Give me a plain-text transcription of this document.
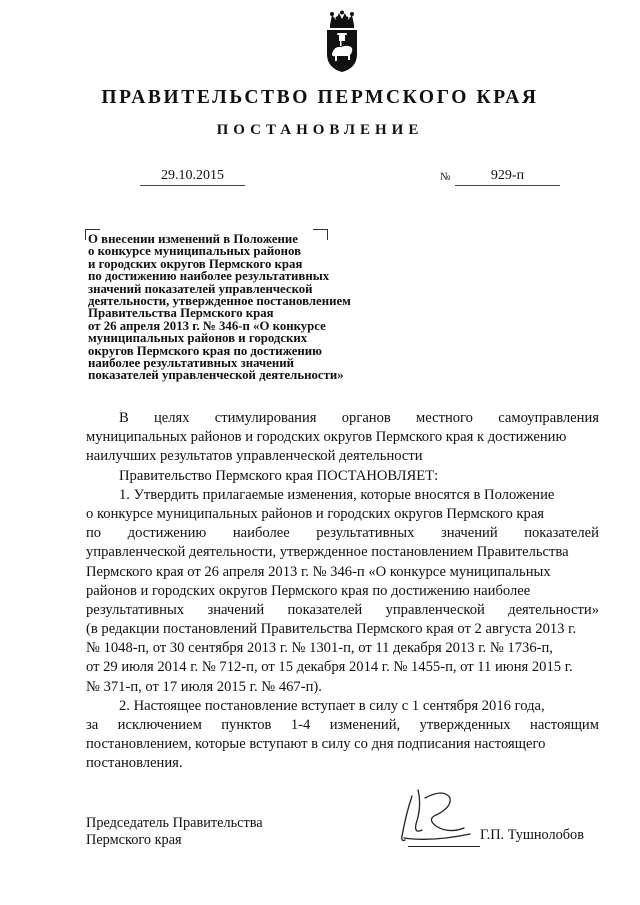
ПРАВИТЕЛЬСТВО ПЕРМСКОГО КРАЯ
ПОСТАНОВЛЕНИЕ
29.10.2015	№	929-п
О внесении изменений в Положение
о конкурсе муниципальных районов
и городских округов Пермского края
по достижению наиболее результативных
значений показателей управленческой
деятельности, утвержденное постановлением
Правительства Пермского края
от 26 апреля 2013 г. № 346-п «О конкурсе
муниципальных районов и городских
округов Пермского края по достижению
наиболее результативных значений
показателей управленческой деятельности»
В целях стимулирования органов местного самоуправления
муниципальных районов и городских округов Пермского края к достижению
наилучших результатов управленческой деятельности
Правительство Пермского края ПОСТАНОВЛЯЕТ:
1. Утвердить прилагаемые изменения, которые вносятся в Положение
о конкурсе муниципальных районов и городских округов Пермского края
по достижению наиболее результативных значений показателей
управленческой деятельности, утвержденное постановлением Правительства
Пермского края от 26 апреля 2013 г. № 346-п «О конкурсе муниципальных
районов и городских округов Пермского края по достижению наиболее
результативных значений показателей управленческой деятельности»
(в редакции постановлений Правительства Пермского края от 2 августа 2013 г.
№ 1048-п, от 30 сентября 2013 г. № 1301-п, от 11 декабря 2013 г. № 1736-п,
от 29 июля 2014 г. № 712-п, от 15 декабря 2014 г. № 1455-п, от 11 июня 2015 г.
№ 371-п, от 17 июля 2015 г. № 467-п).
2. Настоящее постановление вступает в силу с 1 сентября 2016 года,
за исключением пунктов 1-4 изменений, утвержденных настоящим
постановлением, которые вступают в силу со дня подписания настоящего
постановления.
Председатель Правительства
Пермского края	Г.П. Тушнолобов
